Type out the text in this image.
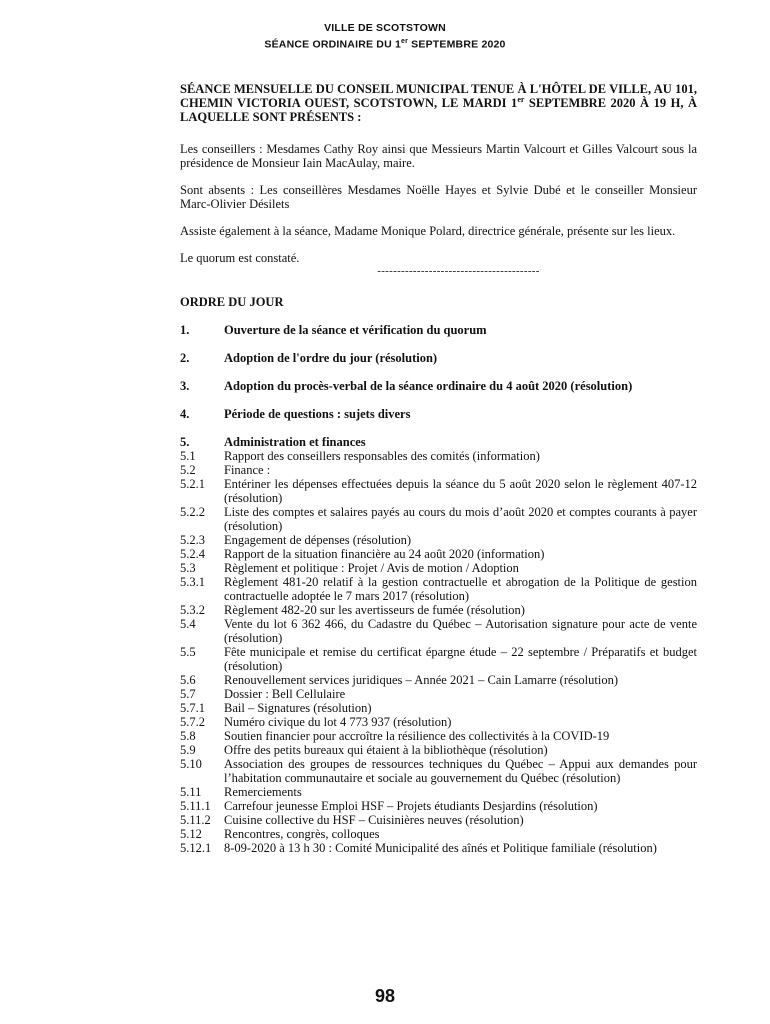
VILLE DE SCOTSTOWN
SÉANCE ORDINAIRE DU 1er SEPTEMBRE 2020

SÉANCE MENSUELLE DU CONSEIL MUNICIPAL TENUE À L'HÔTEL DE VILLE, AU 101, CHEMIN VICTORIA OUEST, SCOTSTOWN, LE MARDI 1er SEPTEMBRE 2020 À 19 H, À LAQUELLE SONT PRÉSENTS :

Les conseillers : Mesdames Cathy Roy ainsi que Messieurs Martin Valcourt et Gilles Valcourt sous la présidence de Monsieur Iain MacAulay, maire.

Sont absents : Les conseillères Mesdames Noëlle Hayes et Sylvie Dubé et le conseiller Monsieur Marc-Olivier Désilets

Assiste également à la séance, Madame Monique Polard, directrice générale, présente sur les lieux.

Le quorum est constaté.

-----------------------------------------

ORDRE DU JOUR

1.	Ouverture de la séance et vérification du quorum
2.	Adoption de l'ordre du jour (résolution)
3.	Adoption du procès-verbal de la séance ordinaire du 4 août 2020 (résolution)
4.	Période de questions : sujets divers
5.	Administration et finances
5.1	Rapport des conseillers responsables des comités (information)
5.2	Finance :
5.2.1	Entériner les dépenses effectuées depuis la séance du 5 août 2020 selon le règlement 407-12 (résolution)
5.2.2	Liste des comptes et salaires payés au cours du mois d’août 2020 et comptes courants à payer (résolution)
5.2.3	Engagement de dépenses (résolution)
5.2.4	Rapport de la situation financière au 24 août 2020 (information)
5.3	Règlement et politique : Projet / Avis de motion / Adoption
5.3.1	Règlement 481-20 relatif à la gestion contractuelle et abrogation de la Politique de gestion contractuelle adoptée le 7 mars 2017 (résolution)
5.3.2	Règlement 482-20 sur les avertisseurs de fumée (résolution)
5.4	Vente du lot 6 362 466, du Cadastre du Québec – Autorisation signature pour acte de vente (résolution)
5.5	Fête municipale et remise du certificat épargne étude – 22 septembre / Préparatifs et budget (résolution)
5.6	Renouvellement services juridiques – Année 2021 – Cain Lamarre (résolution)
5.7	Dossier : Bell Cellulaire
5.7.1	Bail – Signatures (résolution)
5.7.2	Numéro civique du lot 4 773 937 (résolution)
5.8	Soutien financier pour accroître la résilience des collectivités à la COVID-19
5.9	Offre des petits bureaux qui étaient à la bibliothèque (résolution)
5.10	Association des groupes de ressources techniques du Québec – Appui aux demandes pour l’habitation communautaire et sociale au gouvernement du Québec (résolution)
5.11	Remerciements
5.11.1	Carrefour jeunesse Emploi HSF – Projets étudiants Desjardins (résolution)
5.11.2	Cuisine collective du HSF – Cuisinières neuves (résolution)
5.12	Rencontres, congrès, colloques
5.12.1	8-09-2020 à 13 h 30 : Comité Municipalité des aînés et Politique familiale (résolution)
98
